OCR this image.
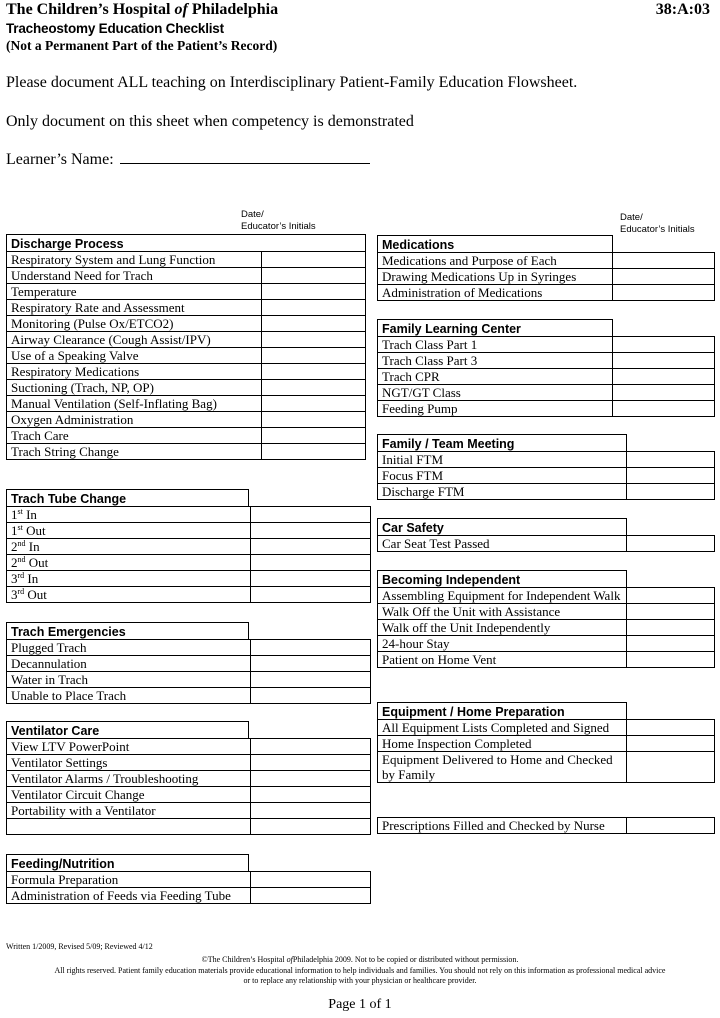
The Children’s Hospital of Philadelphia	38:A:03
Tracheostomy Education Checklist
(Not a Permanent Part of the Patient’s Record)
Please document ALL teaching on Interdisciplinary Patient-Family Education Flowsheet.
Only document on this sheet when competency is demonstrated
Learner’s Name:
Date/
Educator’s Initials
Date/
Educator’s Initials
Discharge Process
Respiratory System and Lung Function	
Understand Need for Trach	
Temperature	
Respiratory Rate and Assessment	
Monitoring (Pulse Ox/ETCO2)	
Airway Clearance (Cough Assist/IPV)	
Use of a Speaking Valve	
Respiratory Medications	
Suctioning (Trach, NP, OP)	
Manual Ventilation (Self-Inflating Bag)	
Oxygen Administration	
Trach Care	
Trach String Change	
Trach Tube Change
1st In	
1st Out	
2nd In	
2nd Out	
3rd In	
3rd Out	
Trach Emergencies
Plugged Trach	
Decannulation	
Water in Trach	
Unable to Place Trach	
Ventilator Care
View LTV PowerPoint	
Ventilator Settings	
Ventilator Alarms / Troubleshooting	
Ventilator Circuit Change	
Portability with a Ventilator	

Feeding/Nutrition
Formula Preparation	
Administration of Feeds via Feeding Tube	
Medications
Medications and Purpose of Each	
Drawing Medications Up in Syringes	
Administration of Medications	
Family Learning Center
Trach Class Part 1	
Trach Class Part 3	
Trach CPR	
NGT/GT Class	
Feeding Pump	
Family / Team Meeting
Initial FTM	
Focus FTM	
Discharge FTM	
Car Safety
Car Seat Test Passed	
Becoming Independent
Assembling Equipment for Independent Walk	
Walk Off the Unit with Assistance	
Walk off the Unit Independently	
24-hour Stay	
Patient on Home Vent	
Equipment / Home Preparation
All Equipment Lists Completed and Signed	
Home Inspection Completed	
Equipment Delivered to Home and Checked by Family	
Prescriptions Filled and Checked by Nurse	
Written 1/2009, Revised 5/09; Reviewed 4/12
©The Children’s Hospital ofPhiladelphia 2009. Not to be copied or distributed without permission.
All rights reserved. Patient family education materials provide educational information to help individuals and families. You should not rely on this information as professional medical advice
or to replace any relationship with your physician or healthcare provider.
Page 1 of 1
